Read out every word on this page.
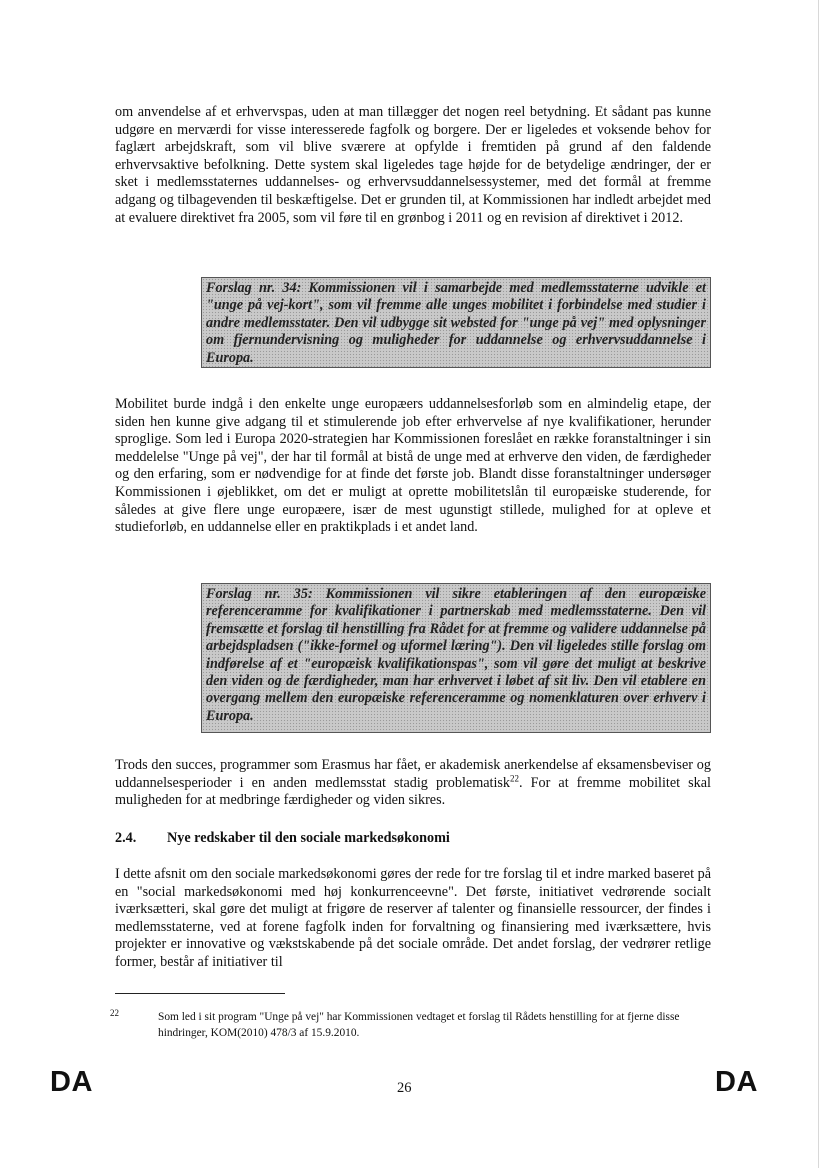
om anvendelse af et erhvervspas, uden at man tillægger det nogen reel betydning. Et sådant pas kunne udgøre en merværdi for visse interesserede fagfolk og borgere. Der er ligeledes et voksende behov for faglært arbejdskraft, som vil blive sværere at opfylde i fremtiden på grund af den faldende erhvervsaktive befolkning. Dette system skal ligeledes tage højde for de betydelige ændringer, der er sket i medlemsstaternes uddannelses- og erhvervsuddannelsessystemer, med det formål at fremme adgang og tilbagevenden til beskæftigelse. Det er grunden til, at Kommissionen har indledt arbejdet med at evaluere direktivet fra 2005, som vil føre til en grønbog i 2011 og en revision af direktivet i 2012.

Forslag nr. 34: Kommissionen vil i samarbejde med medlemsstaterne udvikle et "unge på vej-kort", som vil fremme alle unges mobilitet i forbindelse med studier i andre medlemsstater. Den vil udbygge sit websted for "unge på vej" med oplysninger om fjernundervisning og muligheder for uddannelse og erhvervsuddannelse i Europa.

Mobilitet burde indgå i den enkelte unge europæers uddannelsesforløb som en almindelig etape, der siden hen kunne give adgang til et stimulerende job efter erhvervelse af nye kvalifikationer, herunder sproglige. Som led i Europa 2020-strategien har Kommissionen foreslået en række foranstaltninger i sin meddelelse "Unge på vej", der har til formål at bistå de unge med at erhverve den viden, de færdigheder og den erfaring, som er nødvendige for at finde det første job. Blandt disse foranstaltninger undersøger Kommissionen i øjeblikket, om det er muligt at oprette mobilitetslån til europæiske studerende, for således at give flere unge europæere, især de mest ugunstigt stillede, mulighed for at opleve et studieforløb, en uddannelse eller en praktikplads i et andet land.

Forslag nr. 35: Kommissionen vil sikre etableringen af den europæiske referenceramme for kvalifikationer i partnerskab med medlemsstaterne. Den vil fremsætte et forslag til henstilling fra Rådet for at fremme og validere uddannelse på arbejdspladsen ("ikke-formel og uformel læring"). Den vil ligeledes stille forslag om indførelse af et "europæisk kvalifikationspas", som vil gøre det muligt at beskrive den viden og de færdigheder, man har erhvervet i løbet af sit liv. Den vil etablere en overgang mellem den europæiske referenceramme og nomenklaturen over erhverv i Europa.

Trods den succes, programmer som Erasmus har fået, er akademisk anerkendelse af eksamensbeviser og uddannelsesperioder i en anden medlemsstat stadig problematisk$^{22}$. For at fremme mobilitet skal muligheden for at medbringe færdigheder og viden sikres.

2.4. Nye redskaber til den sociale markedsøkonomi

I dette afsnit om den sociale markedsøkonomi gøres der rede for tre forslag til et indre marked baseret på en "social markedsøkonomi med høj konkurrenceevne". Det første, initiativet vedrørende socialt iværksætteri, skal gøre det muligt at frigøre de reserver af talenter og finansielle ressourcer, der findes i medlemsstaterne, ved at forene fagfolk inden for forvaltning og finansiering med iværksættere, hvis projekter er innovative og vækstskabende på det sociale område. Det andet forslag, der vedrører retlige former, består af initiativer til

22	Som led i sit program "Unge på vej" har Kommissionen vedtaget et forslag til Rådets henstilling for at fjerne disse hindringer, KOM(2010) 478/3 af 15.9.2010.

DA	26	DA
